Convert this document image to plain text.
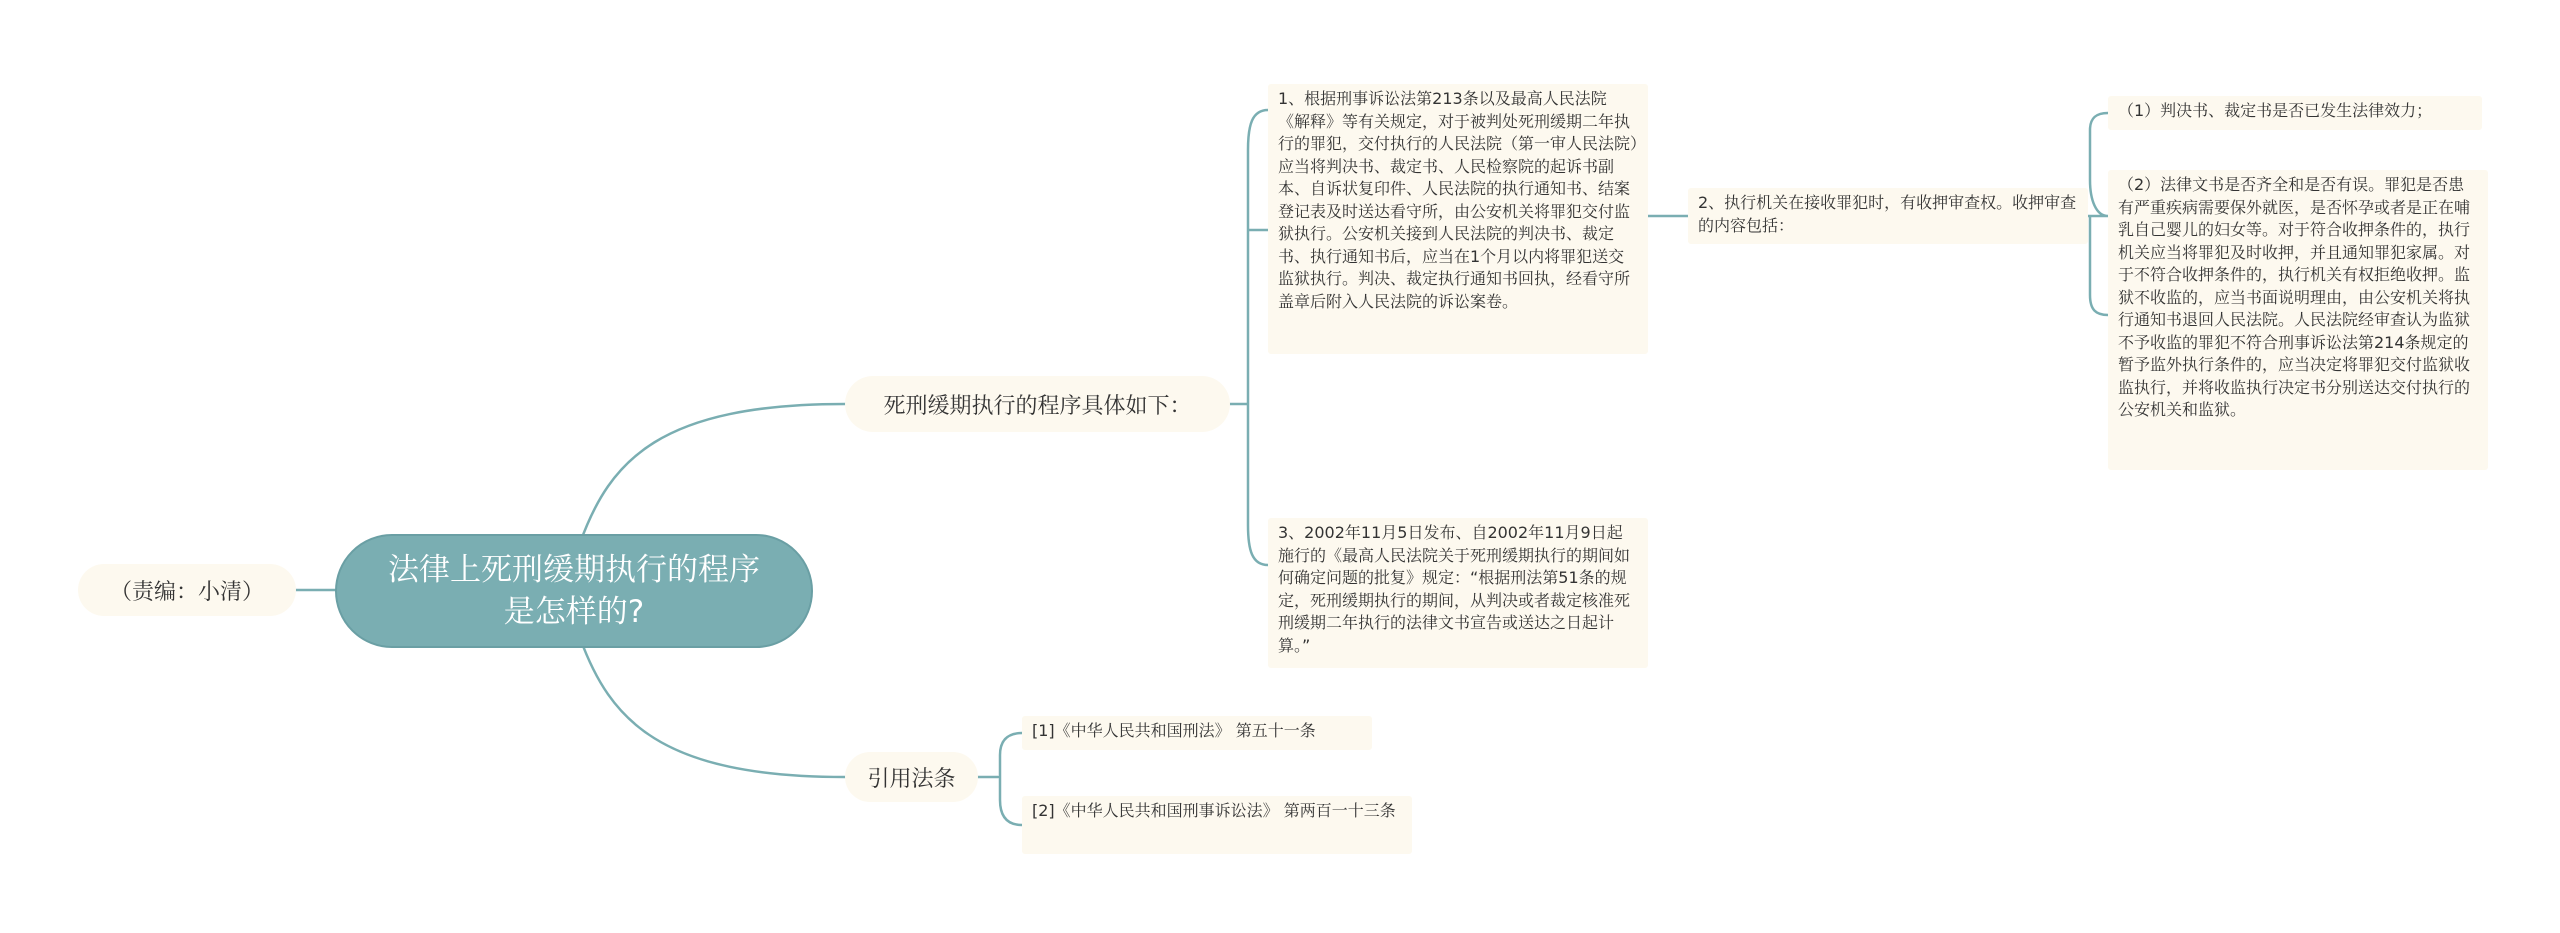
法律上死刑缓期执行的程序是怎样的?
（责编：小清）
死刑缓期执行的程序具体如下：
引用法条
1、根据刑事诉讼法第213条以及最高人民法院《解释》等有关规定，对于被判处死刑缓期二年执行的罪犯，交付执行的人民法院（第一审人民法院）应当将判决书、裁定书、人民检察院的起诉书副本、自诉状复印件、人民法院的执行通知书、结案登记表及时送达看守所，由公安机关将罪犯交付监狱执行。公安机关接到人民法院的判决书、裁定书、执行通知书后，应当在1个月以内将罪犯送交监狱执行。判决、裁定执行通知书回执，经看守所盖章后附入人民法院的诉讼案卷。
2、执行机关在接收罪犯时，有收押审查权。收押审查的内容包括：
（1）判决书、裁定书是否已发生法律效力；
（2）法律文书是否齐全和是否有误。罪犯是否患有严重疾病需要保外就医，是否怀孕或者是正在哺乳自己婴儿的妇女等。对于符合收押条件的，执行机关应当将罪犯及时收押，并且通知罪犯家属。对于不符合收押条件的，执行机关有权拒绝收押。监狱不收监的，应当书面说明理由，由公安机关将执行通知书退回人民法院。人民法院经审查认为监狱不予收监的罪犯不符合刑事诉讼法第214条规定的暂予监外执行条件的，应当决定将罪犯交付监狱收监执行，并将收监执行决定书分别送达交付执行的公安机关和监狱。
3、2002年11月5日发布、自2002年11月9日起施行的《最高人民法院关于死刑缓期执行的期间如何确定问题的批复》规定：“根据刑法第51条的规定，死刑缓期执行的期间，从判决或者裁定核准死刑缓期二年执行的法律文书宣告或送达之日起计算。”
[1]《中华人民共和国刑法》 第五十一条
[2]《中华人民共和国刑事诉讼法》 第两百一十三条
